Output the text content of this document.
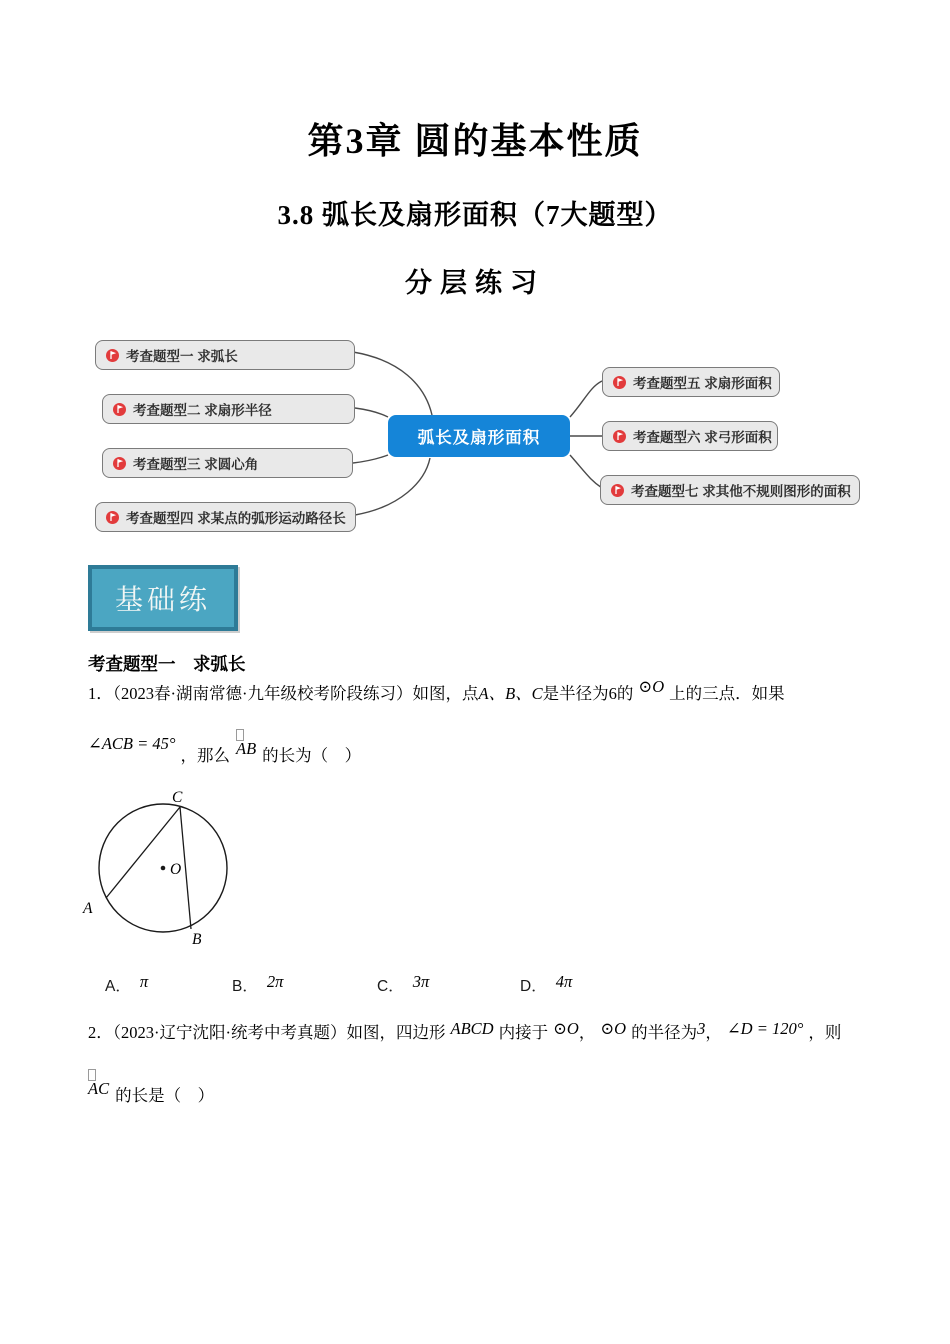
第3章 圆的基本性质
3.8 弧长及扇形面积（7大题型）
分层练习
考查题型一 求弧长
考查题型二 求扇形半径
考查题型三 求圆心角
考查题型四 求某点的弧形运动路径长
弧长及扇形面积
考查题型五 求扇形面积
考查题型六 求弓形面积
考查题型七 求其他不规则图形的面积
基础练
考查题型一　求弧长
1．（2023春·湖南常德·九年级校考阶段练习）如图，点A、B、C是半径为6的 ⊙O 上的三点．如果
∠ACB = 45°，那么 AB 的长为（　）
C
A
B
O
A． π	B． 2π	C． 3π	D． 4π
2．（2023·辽宁沈阳·统考中考真题）如图，四边形 ABCD 内接于 ⊙O， ⊙O 的半径为3， ∠D = 120° ，则
AC 的长是（　）
